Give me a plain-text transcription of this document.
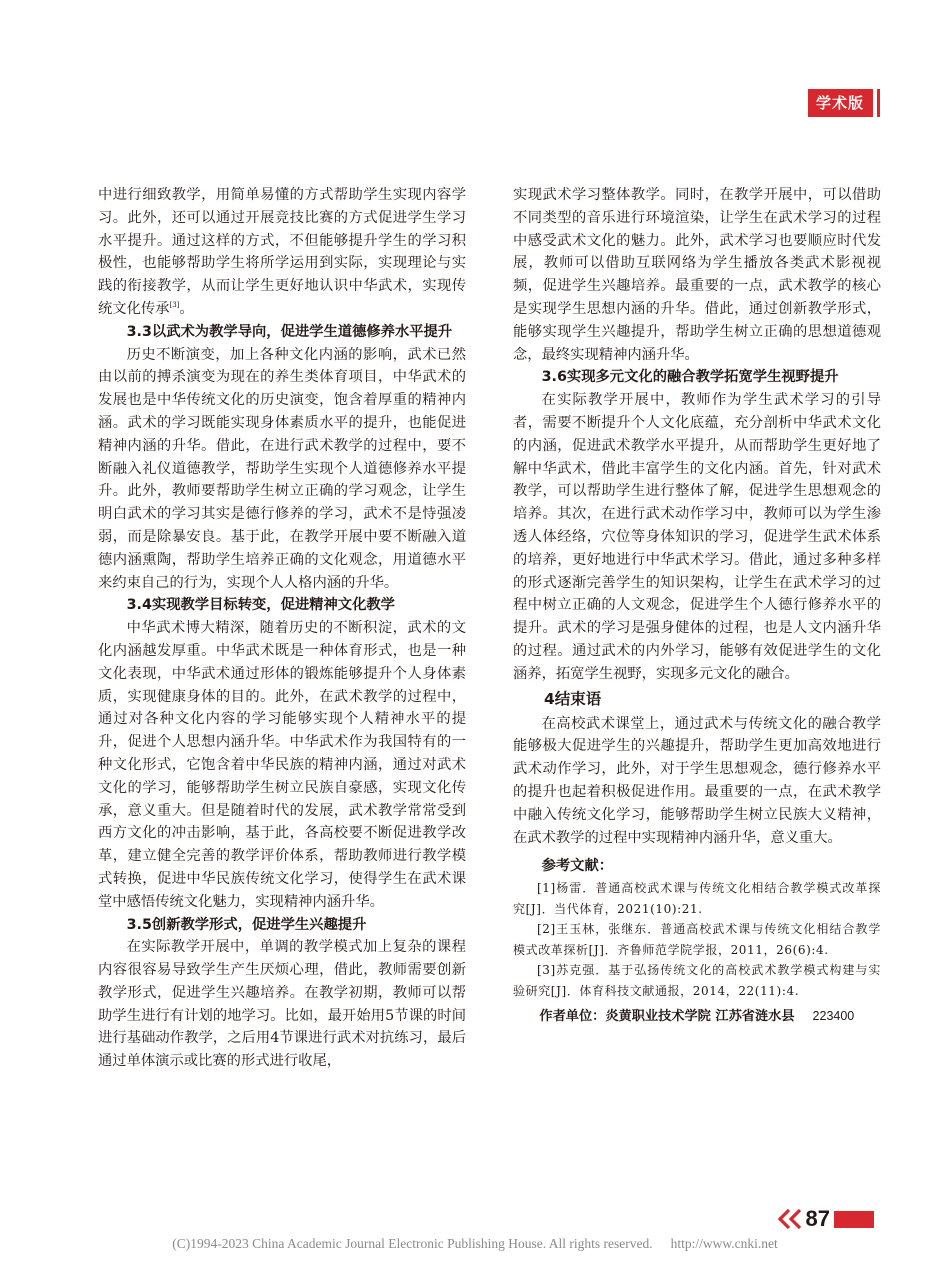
学术版

中进行细致教学，用简单易懂的方式帮助学生实现内容学习。此外，还可以通过开展竞技比赛的方式促进学生学习水平提升。通过这样的方式，不但能够提升学生的学习积极性，也能够帮助学生将所学运用到实际，实现理论与实践的衔接教学，从而让学生更好地认识中华武术，实现传统文化传承[3]。

3.3以武术为教学导向，促进学生道德修养水平提升

历史不断演变，加上各种文化内涵的影响，武术已然由以前的搏杀演变为现在的养生类体育项目，中华武术的发展也是中华传统文化的历史演变，饱含着厚重的精神内涵。武术的学习既能实现身体素质水平的提升，也能促进精神内涵的升华。借此，在进行武术教学的过程中，要不断融入礼仪道德教学，帮助学生实现个人道德修养水平提升。此外，教师要帮助学生树立正确的学习观念，让学生明白武术的学习其实是德行修养的学习，武术不是恃强凌弱，而是除暴安良。基于此，在教学开展中要不断融入道德内涵熏陶，帮助学生培养正确的文化观念，用道德水平来约束自己的行为，实现个人人格内涵的升华。

3.4实现教学目标转变，促进精神文化教学

中华武术博大精深，随着历史的不断积淀，武术的文化内涵越发厚重。中华武术既是一种体育形式，也是一种文化表现，中华武术通过形体的锻炼能够提升个人身体素质，实现健康身体的目的。此外，在武术教学的过程中，通过对各种文化内容的学习能够实现个人精神水平的提升，促进个人思想内涵升华。中华武术作为我国特有的一种文化形式，它饱含着中华民族的精神内涵，通过对武术文化的学习，能够帮助学生树立民族自豪感，实现文化传承，意义重大。但是随着时代的发展，武术教学常常受到西方文化的冲击影响，基于此，各高校要不断促进教学改革，建立健全完善的教学评价体系，帮助教师进行教学模式转换，促进中华民族传统文化学习，使得学生在武术课堂中感悟传统文化魅力，实现精神内涵升华。

3.5创新教学形式，促进学生兴趣提升

在实际教学开展中，单调的教学模式加上复杂的课程内容很容易导致学生产生厌烦心理，借此，教师需要创新教学形式，促进学生兴趣培养。在教学初期，教师可以帮助学生进行有计划的地学习。比如，最开始用5节课的时间进行基础动作教学，之后用4节课进行武术对抗练习，最后通过单体演示或比赛的形式进行收尾，

实现武术学习整体教学。同时，在教学开展中，可以借助不同类型的音乐进行环境渲染，让学生在武术学习的过程中感受武术文化的魅力。此外，武术学习也要顺应时代发展，教师可以借助互联网络为学生播放各类武术影视视频，促进学生兴趣培养。最重要的一点，武术教学的核心是实现学生思想内涵的升华。借此，通过创新教学形式，能够实现学生兴趣提升，帮助学生树立正确的思想道德观念，最终实现精神内涵升华。

3.6实现多元文化的融合教学拓宽学生视野提升

在实际教学开展中，教师作为学生武术学习的引导者，需要不断提升个人文化底蕴，充分剖析中华武术文化的内涵，促进武术教学水平提升，从而帮助学生更好地了解中华武术，借此丰富学生的文化内涵。首先，针对武术教学，可以帮助学生进行整体了解，促进学生思想观念的培养。其次，在进行武术动作学习中，教师可以为学生渗透人体经络，穴位等身体知识的学习，促进学生武术体系的培养，更好地进行中华武术学习。借此，通过多种多样的形式逐渐完善学生的知识架构，让学生在武术学习的过程中树立正确的人文观念，促进学生个人德行修养水平的提升。武术的学习是强身健体的过程，也是人文内涵升华的过程。通过武术的内外学习，能够有效促进学生的文化涵养，拓宽学生视野，实现多元文化的融合。

4结束语

在高校武术课堂上，通过武术与传统文化的融合教学能够极大促进学生的兴趣提升，帮助学生更加高效地进行武术动作学习，此外，对于学生思想观念，德行修养水平的提升也起着积极促进作用。最重要的一点，在武术教学中融入传统文化学习，能够帮助学生树立民族大义精神，在武术教学的过程中实现精神内涵升华，意义重大。

参考文献：

[1]杨雷．普通高校武术课与传统文化相结合教学模式改革探究[J]．当代体育，2021(10):21.

[2]王玉林，张继东．普通高校武术课与传统文化相结合教学模式改革探析[J]．齐鲁师范学院学报，2011，26(6):4.

[3]苏克强．基于弘扬传统文化的高校武术教学模式构建与实验研究[J]．体育科技文献通报，2014，22(11):4.

作者单位：炎黄职业技术学院 江苏省涟水县 223400

87
(C)1994-2023 China Academic Journal Electronic Publishing House. All rights reserved. http://www.cnki.net
